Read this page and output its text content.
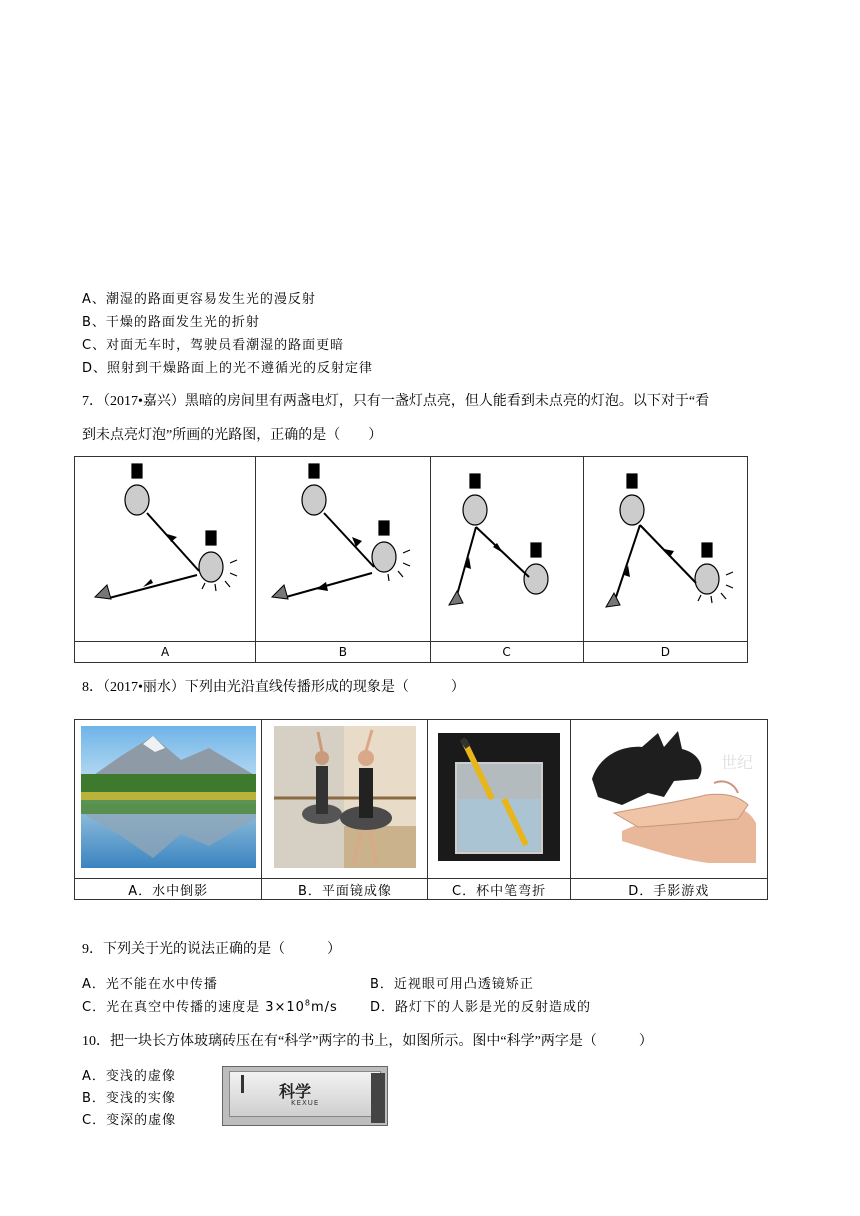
A、潮湿的路面更容易发生光的漫反射
B、干燥的路面发生光的折射
C、对面无车时，驾驶员看潮湿的路面更暗
D、照射到干燥路面上的光不遵循光的反射定律
7．（2017•嘉兴）黑暗的房间里有两盏电灯，只有一盏灯点亮，但人能看到未点亮的灯泡。以下对于“看
到未点亮灯泡”所画的光路图，正确的是（　　）

A	B	C	D
8．（2017•丽水）下列由光沿直线传播形成的现象是（　　　）

世纪

A．水中倒影	B．平面镜成像	C．杯中笔弯折	D．手影游戏
9．下列关于光的说法正确的是（　　　）
A．光不能在水中传播	B．近视眼可用凸透镜矫正
C．光在真空中传播的速度是 $3\times 10^8m/s$ D．路灯下的人影是光的反射造成的
10．把一块长方体玻璃砖压在有“科学”两字的书上，如图所示。图中“科学”两字是（　　　）
A．变浅的虚像
B．变浅的实像
C．变深的虚像
科学
KEXUE
